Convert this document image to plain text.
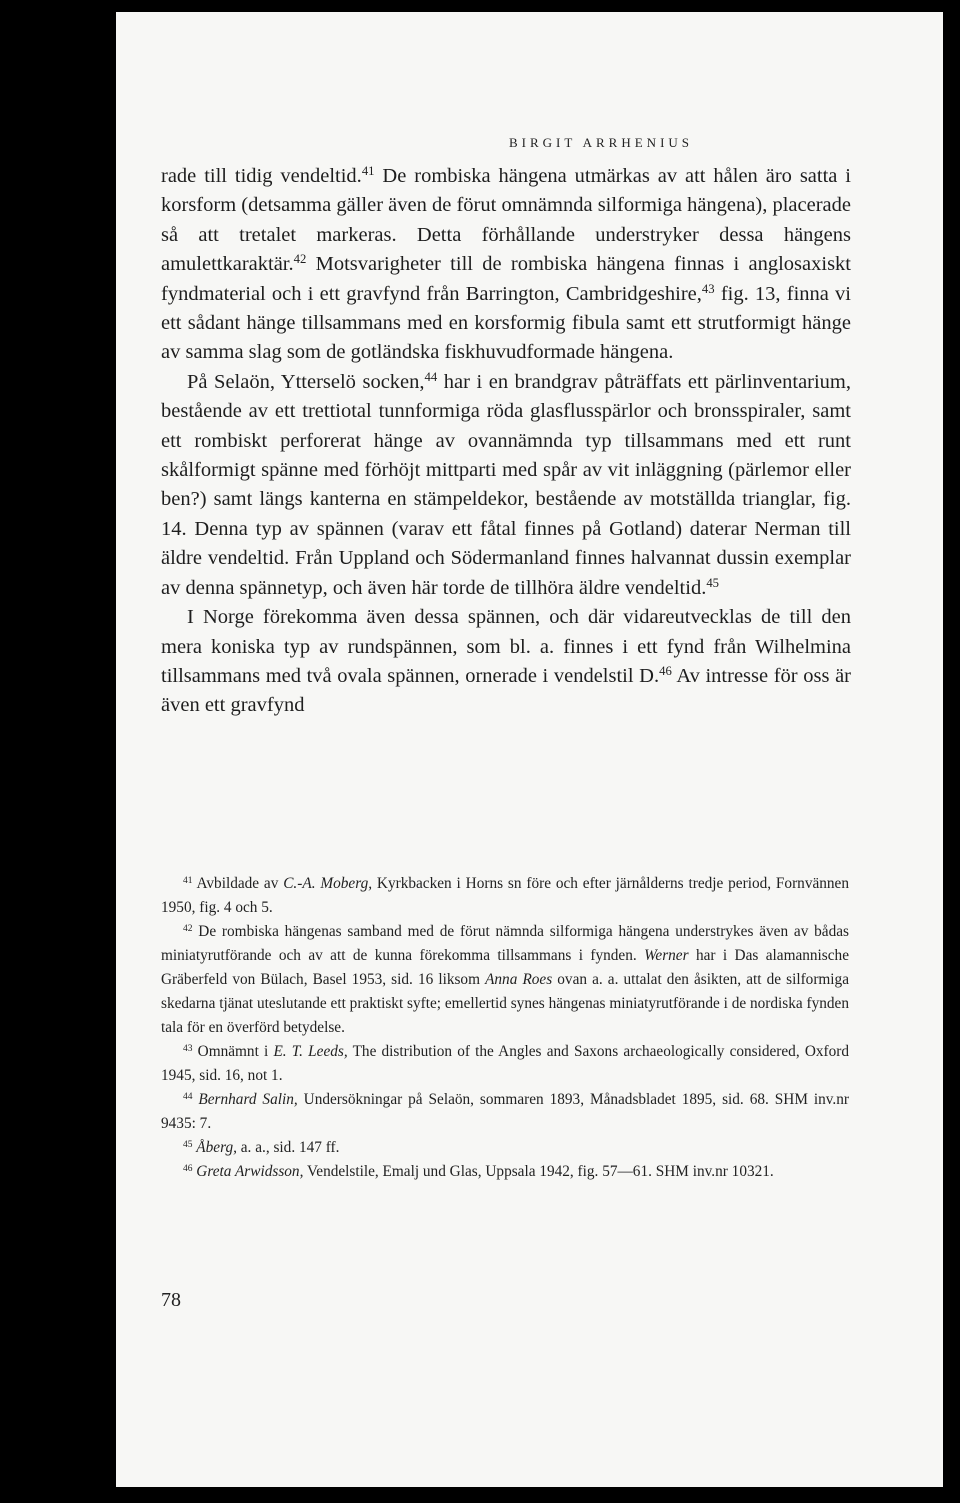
BIRGIT ARRHENIUS

rade till tidig vendeltid.$^{41}$ De rombiska hängena utmärkas av att hålen äro satta i korsform (detsamma gäller även de förut omnämnda silformiga hängena), placerade så att tretalet markeras. Detta förhållande understryker dessa hängens amulettkaraktär.$^{42}$ Motsvarigheter till de rombiska hängena finnas i anglosaxiskt fyndmaterial och i ett gravfynd från Barrington, Cambridgeshire,$^{43}$ fig. 13, finna vi ett sådant hänge tillsammans med en korsformig fibula samt ett strutformigt hänge av samma slag som de gotländska fiskhuvudformade hängena.

På Selaön, Ytterselö socken,$^{44}$ har i en brandgrav påträffats ett pärlinventarium, bestående av ett trettiotal tunnformiga röda glasflusspärlor och bronsspiraler, samt ett rombiskt perforerat hänge av ovannämnda typ tillsammans med ett runt skålformigt spänne med förhöjt mittparti med spår av vit inläggning (pärlemor eller ben?) samt längs kanterna en stämpeldekor, bestående av motställda trianglar, fig. 14. Denna typ av spännen (varav ett fåtal finnes på Gotland) daterar Nerman till äldre vendeltid. Från Uppland och Södermanland finnes halvannat dussin exemplar av denna spännetyp, och även här torde de tillhöra äldre vendeltid.$^{45}$

I Norge förekomma även dessa spännen, och där vidareutvecklas de till den mera koniska typ av rundspännen, som bl. a. finnes i ett fynd från Wilhelmina tillsammans med två ovala spännen, ornerade i vendelstil D.$^{46}$ Av intresse för oss är även ett gravfynd

$^{41}$ Avbildade av C.-A. Moberg, Kyrkbacken i Horns sn före och efter järnålderns tredje period, Fornvännen 1950, fig. 4 och 5.

$^{42}$ De rombiska hängenas samband med de förut nämnda silformiga hängena understrykes även av bådas miniatyrutförande och av att de kunna förekomma tillsammans i fynden. Werner har i Das alamannische Gräberfeld von Bülach, Basel 1953, sid. 16 liksom Anna Roes ovan a. a. uttalat den åsikten, att de silformiga skedarna tjänat uteslutande ett praktiskt syfte; emellertid synes hängenas miniatyrutförande i de nordiska fynden tala för en överförd betydelse.

$^{43}$ Omnämnt i E. T. Leeds, The distribution of the Angles and Saxons archaeologically considered, Oxford 1945, sid. 16, not 1.

$^{44}$ Bernhard Salin, Undersökningar på Selaön, sommaren 1893, Månadsbladet 1895, sid. 68. SHM inv.nr 9435: 7.

$^{45}$ Åberg, a. a., sid. 147 ff.

$^{46}$ Greta Arwidsson, Vendelstile, Emalj und Glas, Uppsala 1942, fig. 57—61. SHM inv.nr 10321.

78
